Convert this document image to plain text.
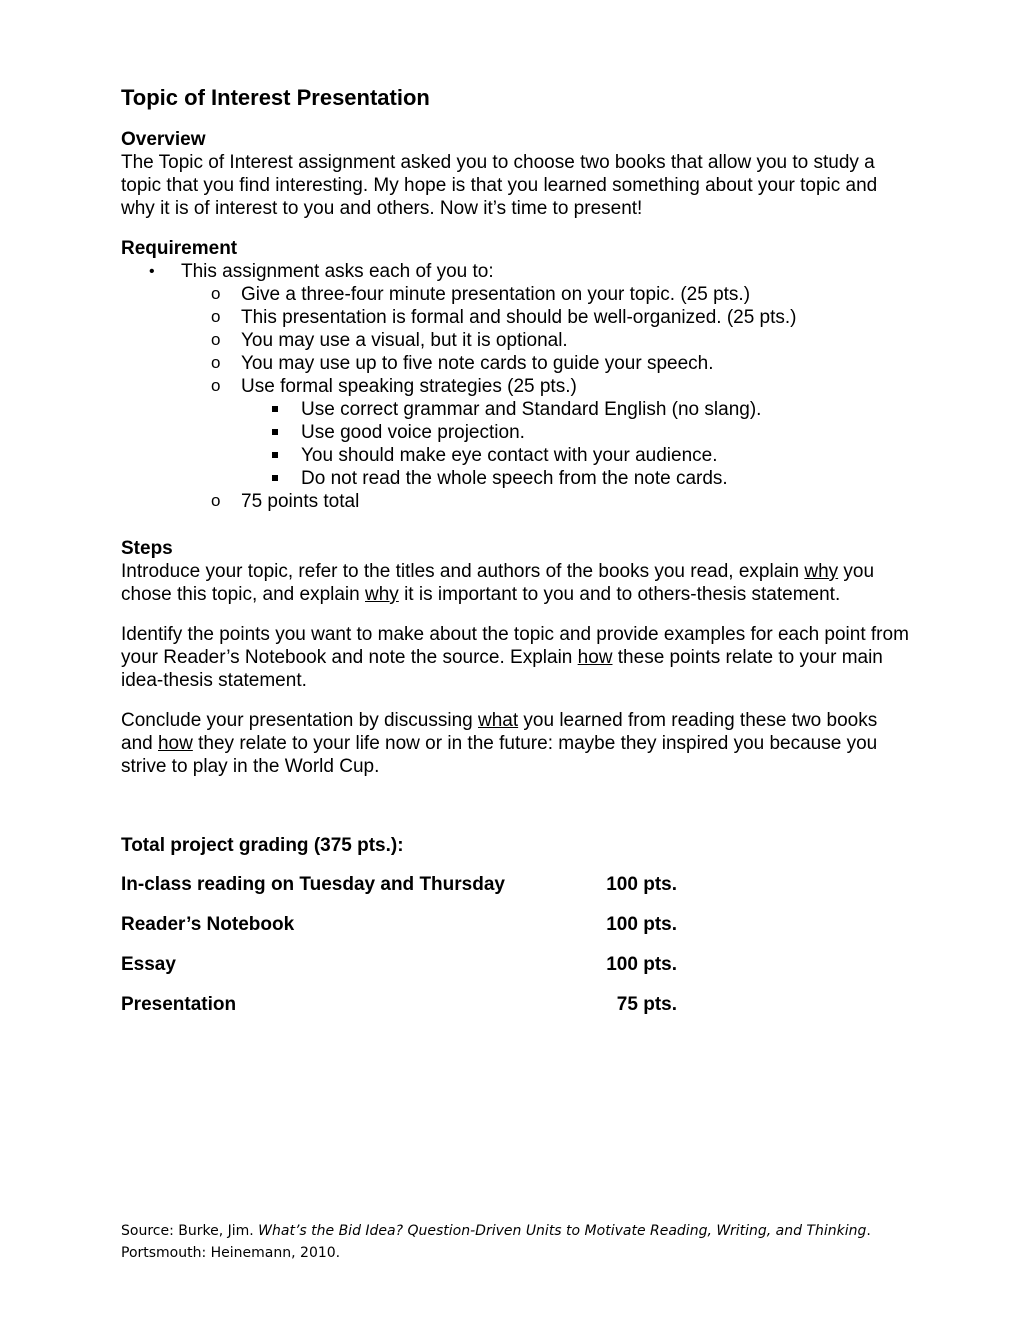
Topic of Interest Presentation

Overview

The Topic of Interest assignment asked you to choose two books that allow you to study a topic that you find interesting. My hope is that you learned something about your topic and why it is of interest to you and others. Now it’s time to present!

Requirement

• This assignment asks each of you to:
o Give a three-four minute presentation on your topic. (25 pts.)
o This presentation is formal and should be well-organized. (25 pts.)
o You may use a visual, but it is optional.
o You may use up to five note cards to guide your speech.
o Use formal speaking strategies (25 pts.)
Use correct grammar and Standard English (no slang).
Use good voice projection.
You should make eye contact with your audience.
Do not read the whole speech from the note cards.
o 75 points total

Steps

Introduce your topic, refer to the titles and authors of the books you read, explain why you chose this topic, and explain why it is important to you and to others-thesis statement.

Identify the points you want to make about the topic and provide examples for each point from your Reader’s Notebook and note the source. Explain how these points relate to your main idea-thesis statement.

Conclude your presentation by discussing what you learned from reading these two books and how they relate to your life now or in the future: maybe they inspired you because you strive to play in the World Cup.

Total project grading (375 pts.):

In-class reading on Tuesday and Thursday	100 pts.
Reader’s Notebook	100 pts.
Essay	100 pts.
Presentation	75 pts.
Source: Burke, Jim. What’s the Bid Idea? Question-Driven Units to Motivate Reading, Writing, and Thinking. Portsmouth: Heinemann, 2010.
